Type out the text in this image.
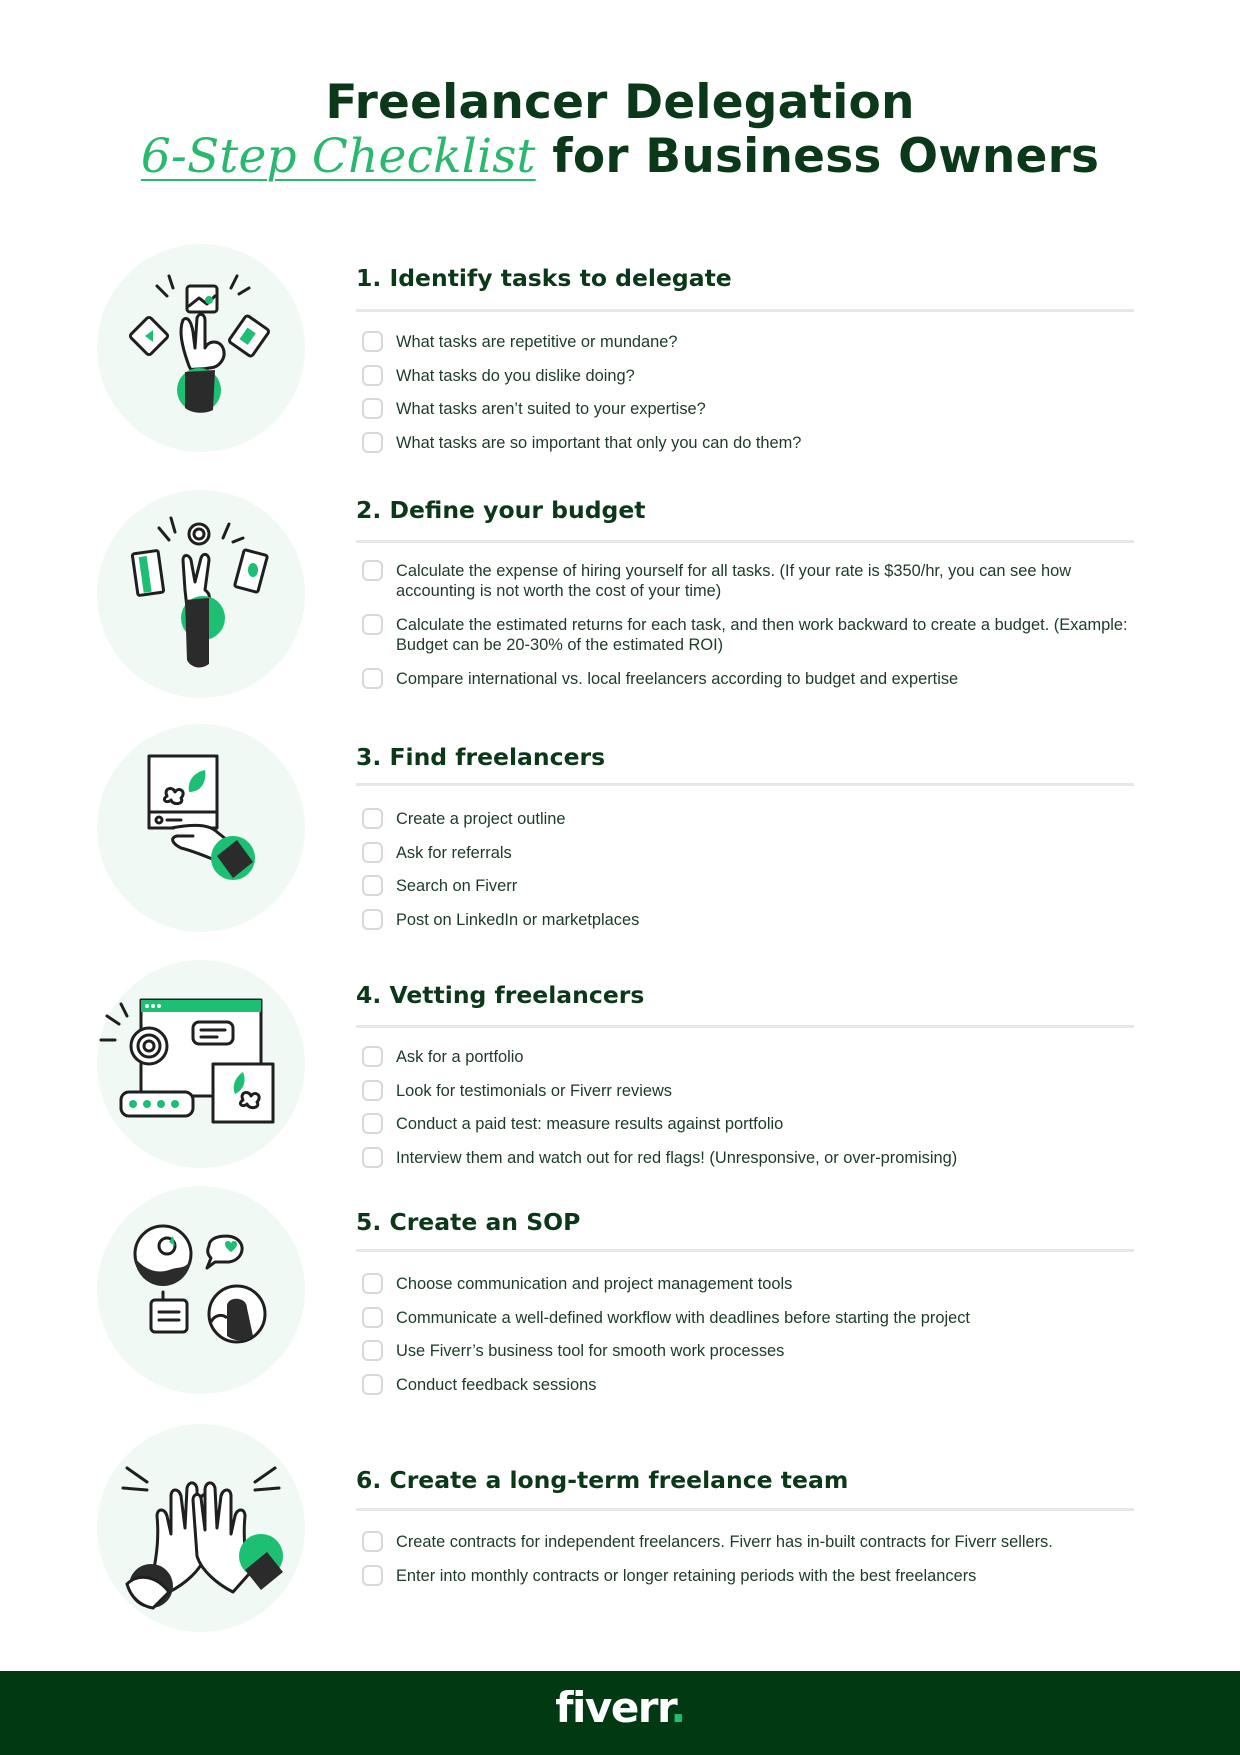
Freelancer Delegation
6-Step Checklist for Business Owners
1. Identify tasks to delegate
What tasks are repetitive or mundane?
What tasks do you dislike doing?
What tasks aren’t suited to your expertise?
What tasks are so important that only you can do them?
2. Define your budget
Calculate the expense of hiring yourself for all tasks. (If your rate is $350/hr, you can see how accounting is not worth the cost of your time)
Calculate the estimated returns for each task, and then work backward to create a budget. (Example: Budget can be 20-30% of the estimated ROI)
Compare international vs. local freelancers according to budget and expertise
3. Find freelancers
Create a project outline
Ask for referrals
Search on Fiverr
Post on LinkedIn or marketplaces
4. Vetting freelancers
Ask for a portfolio
Look for testimonials or Fiverr reviews
Conduct a paid test: measure results against portfolio
Interview them and watch out for red flags! (Unresponsive, or over-promising)
5. Create an SOP
Choose communication and project management tools
Communicate a well-defined workflow with deadlines before starting the project
Use Fiverr’s business tool for smooth work processes
Conduct feedback sessions
6. Create a long-term freelance team
Create contracts for independent freelancers. Fiverr has in-built contracts for Fiverr sellers.
Enter into monthly contracts or longer retaining periods with the best freelancers
fiverr.
